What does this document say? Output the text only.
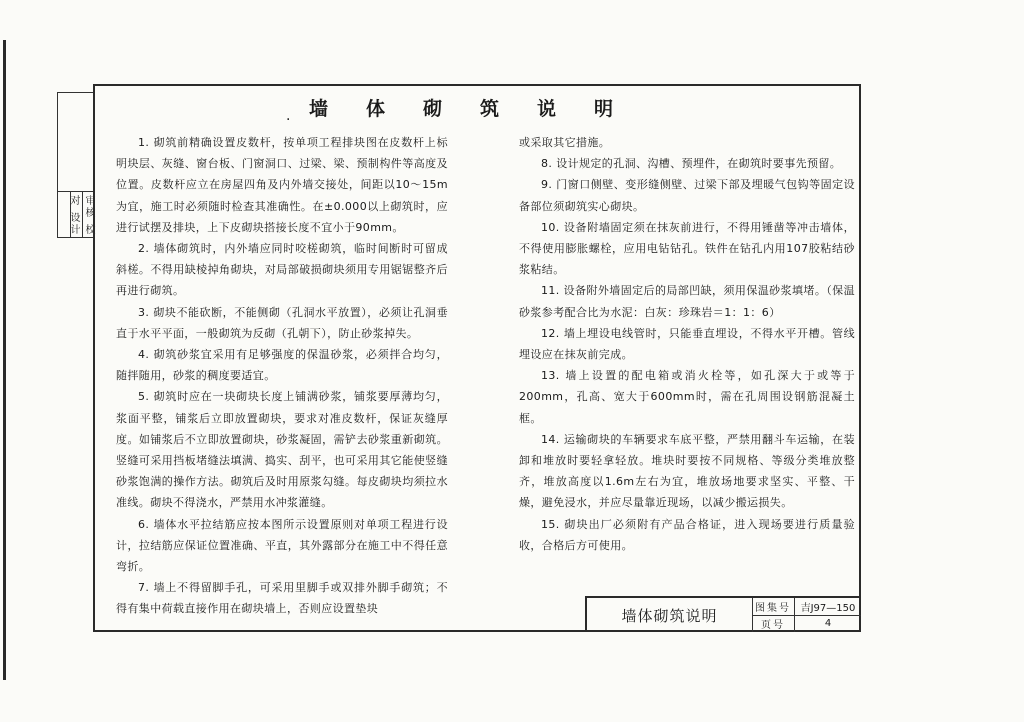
审核 校对 设计
. 墙体砌筑说明

1. 砌筑前精确设置皮数杆，按单项工程排块图在皮数杆上标明块层、灰缝、窗台板、门窗洞口、过梁、梁、预制构件等高度及位置。皮数杆应立在房屋四角及内外墙交接处，间距以10～15m为宜，施工时必须随时检查其准确性。在±0.000以上砌筑时，应进行试摆及排块，上下皮砌块搭接长度不宜小于90mm。

2. 墙体砌筑时，内外墙应同时咬槎砌筑，临时间断时可留成斜槎。不得用缺棱掉角砌块，对局部破损砌块须用专用锯锯整齐后再进行砌筑。

3. 砌块不能砍断，不能侧砌（孔洞水平放置），必须让孔洞垂直于水平平面，一般砌筑为反砌（孔朝下），防止砂浆掉失。

4. 砌筑砂浆宜采用有足够强度的保温砂浆，必须拌合均匀，随拌随用，砂浆的稠度要适宜。

5. 砌筑时应在一块砌块长度上铺满砂浆，铺浆要厚薄均匀，浆面平整，铺浆后立即放置砌块，要求对准皮数杆，保证灰缝厚度。如铺浆后不立即放置砌块，砂浆凝固，需铲去砂浆重新砌筑。竖缝可采用挡板堵缝法填满、捣实、刮平，也可采用其它能使竖缝砂浆饱满的操作方法。砌筑后及时用原浆勾缝。每皮砌块均须拉水准线。砌块不得浇水，严禁用水冲浆灌缝。

6. 墙体水平拉结筋应按本图所示设置原则对单项工程进行设计，拉结筋应保证位置准确、平直，其外露部分在施工中不得任意弯折。

7. 墙上不得留脚手孔，可采用里脚手或双排外脚手砌筑；不得有集中荷载直接作用在砌块墙上，否则应设置垫块

或采取其它措施。

8. 设计规定的孔洞、沟槽、预埋件，在砌筑时要事先预留。

9. 门窗口侧壁、变形缝侧壁、过梁下部及埋暖气包钩等固定设备部位须砌筑实心砌块。

10. 设备附墙固定须在抹灰前进行，不得用锤凿等冲击墙体，不得使用膨胀螺栓，应用电钻钻孔。铁件在钻孔内用107胶粘结砂浆粘结。

11. 设备附外墙固定后的局部凹缺，须用保温砂浆填堵。（保温砂浆参考配合比为水泥：白灰：珍珠岩＝1：1：6）

12. 墙上埋设电线管时，只能垂直埋设，不得水平开槽。管线埋设应在抹灰前完成。

13. 墙上设置的配电箱或消火栓等，如孔深大于或等于200mm，孔高、宽大于600mm时，需在孔周围设钢筋混凝土框。

14. 运输砌块的车辆要求车底平整，严禁用翻斗车运输，在装卸和堆放时要轻拿轻放。堆块时要按不同规格、等级分类堆放整齐，堆放高度以1.6m左右为宜，堆放场地要求坚实、平整、干燥，避免浸水，并应尽量靠近现场，以减少搬运损失。

15. 砌块出厂必须附有产品合格证，进入现场要进行质量验收，合格后方可使用。

墙体砌筑说明	图集号 吉J97—150
页号	4
